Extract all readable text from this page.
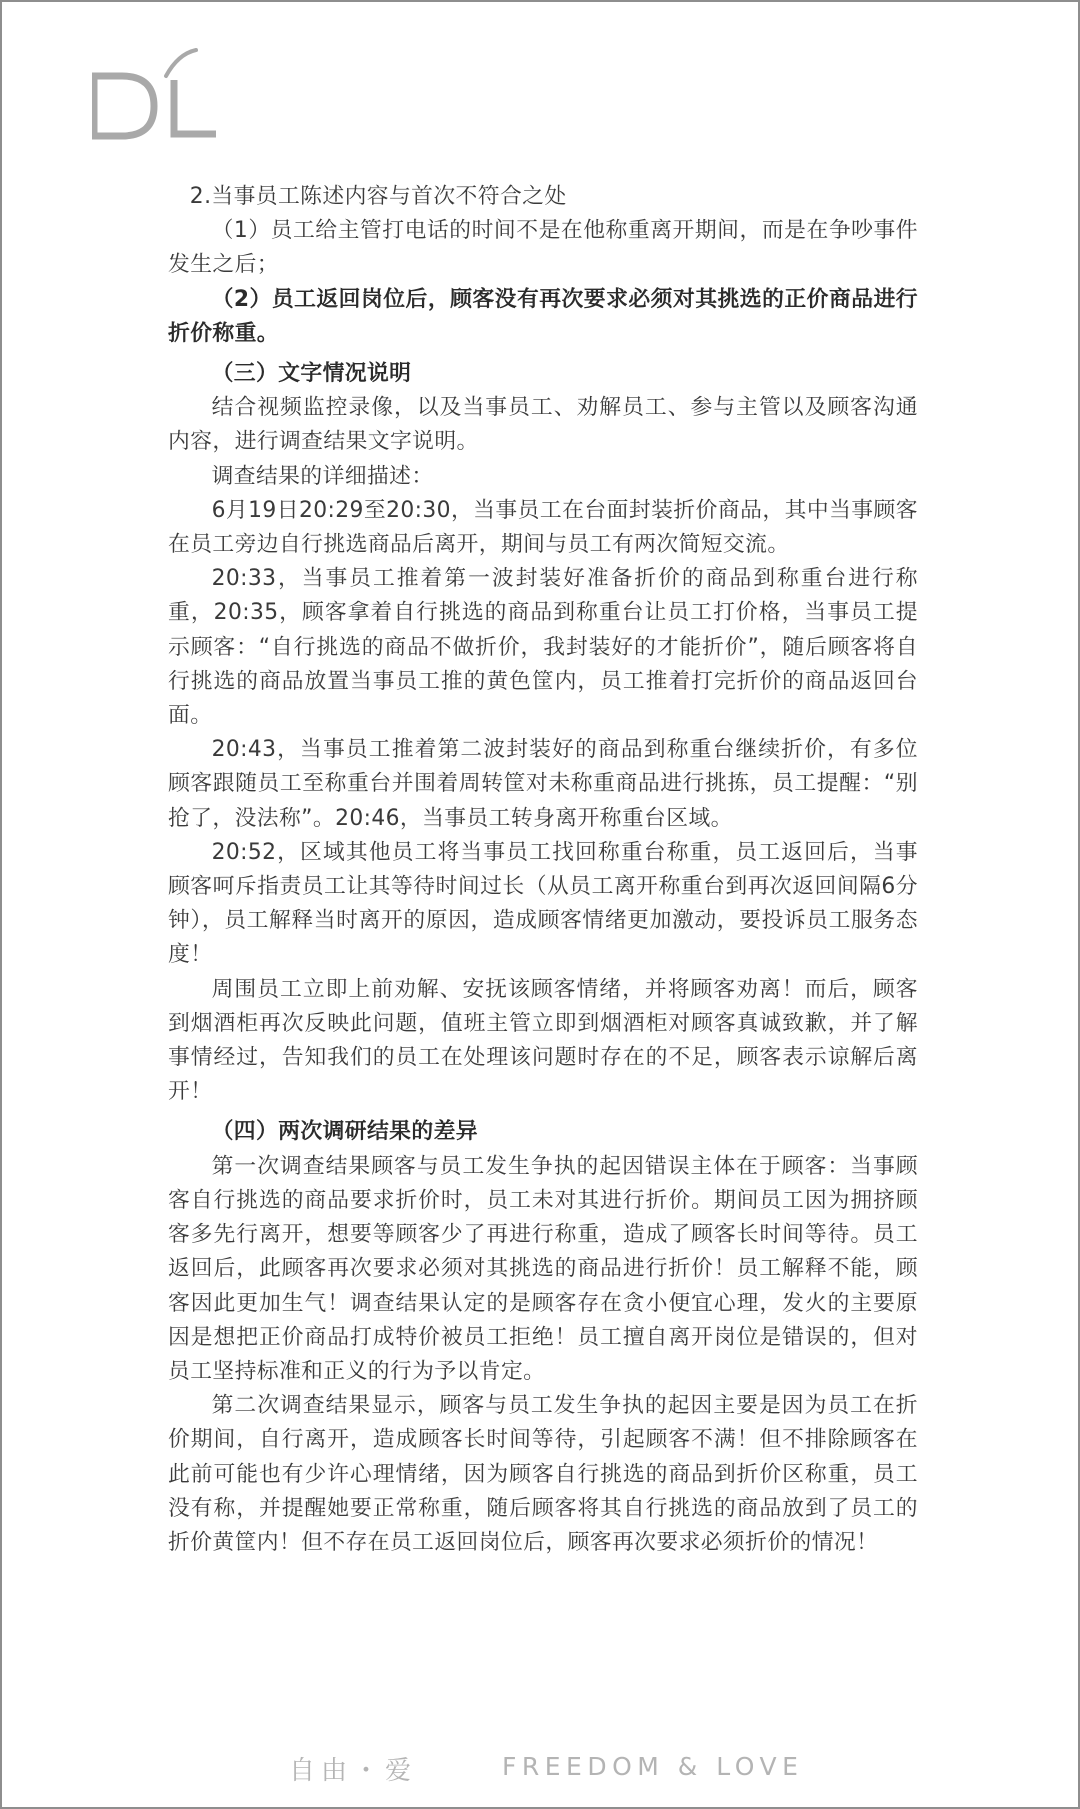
2.当事员工陈述内容与首次不符合之处

（1）员工给主管打电话的时间不是在他称重离开期间，而是在争吵事件发生之后；

（2）员工返回岗位后，顾客没有再次要求必须对其挑选的正价商品进行折价称重。

（三）文字情况说明

结合视频监控录像，以及当事员工、劝解员工、参与主管以及顾客沟通内容，进行调查结果文字说明。

调查结果的详细描述：

6月19日20:29至20:30，当事员工在台面封装折价商品，其中当事顾客在员工旁边自行挑选商品后离开，期间与员工有两次简短交流。

20:33，当事员工推着第一波封装好准备折价的商品到称重台进行称重，20:35，顾客拿着自行挑选的商品到称重台让员工打价格，当事员工提示顾客：“自行挑选的商品不做折价，我封装好的才能折价”，随后顾客将自行挑选的商品放置当事员工推的黄色筐内，员工推着打完折价的商品返回台面。

20:43，当事员工推着第二波封装好的商品到称重台继续折价，有多位顾客跟随员工至称重台并围着周转筐对未称重商品进行挑拣，员工提醒：“别抢了，没法称”。20:46，当事员工转身离开称重台区域。

20:52，区域其他员工将当事员工找回称重台称重，员工返回后，当事顾客呵斥指责员工让其等待时间过长（从员工离开称重台到再次返回间隔6分钟），员工解释当时离开的原因，造成顾客情绪更加激动，要投诉员工服务态度！

周围员工立即上前劝解、安抚该顾客情绪，并将顾客劝离！而后，顾客到烟酒柜再次反映此问题，值班主管立即到烟酒柜对顾客真诚致歉，并了解事情经过，告知我们的员工在处理该问题时存在的不足，顾客表示谅解后离开！

（四）两次调研结果的差异

第一次调查结果顾客与员工发生争执的起因错误主体在于顾客：当事顾客自行挑选的商品要求折价时，员工未对其进行折价。期间员工因为拥挤顾客多先行离开，想要等顾客少了再进行称重，造成了顾客长时间等待。员工返回后，此顾客再次要求必须对其挑选的商品进行折价！员工解释不能，顾客因此更加生气！调查结果认定的是顾客存在贪小便宜心理，发火的主要原因是想把正价商品打成特价被员工拒绝！员工擅自离开岗位是错误的，但对员工坚持标准和正义的行为予以肯定。

第二次调查结果显示，顾客与员工发生争执的起因主要是因为员工在折价期间，自行离开，造成顾客长时间等待，引起顾客不满！但不排除顾客在此前可能也有少许心理情绪，因为顾客自行挑选的商品到折价区称重，员工没有称，并提醒她要正常称重，随后顾客将其自行挑选的商品放到了员工的折价黄筐内！但不存在员工返回岗位后，顾客再次要求必须折价的情况！

自由・爱	FREEDOM & LOVE
